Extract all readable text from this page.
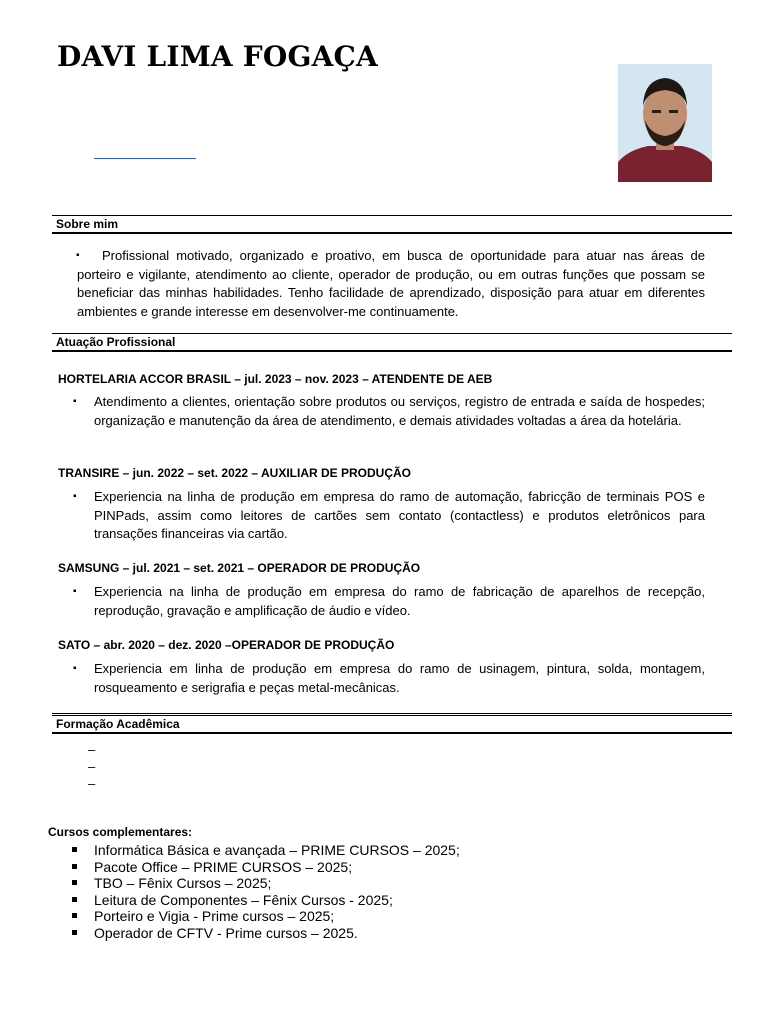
DAVI LIMA FOGAÇA
Sobre mim
▪	Profissional motivado, organizado e proativo, em busca de oportunidade para atuar nas áreas de porteiro e vigilante, atendimento ao cliente, operador de produção, ou em outras funções que possam se beneficiar das minhas habilidades. Tenho facilidade de aprendizado, disposição para atuar em diferentes ambientes e grande interesse em desenvolver-me continuamente.
Atuação Profissional
HORTELARIA ACCOR BRASIL – jul. 2023 – nov. 2023 – ATENDENTE DE AEB
▪ Atendimento a clientes, orientação sobre produtos ou serviços, registro de entrada e saída de hospedes; organização e manutenção da área de atendimento, e demais atividades voltadas a área da hotelária.
TRANSIRE – jun. 2022 – set. 2022 – AUXILIAR DE PRODUÇÃO
▪ Experiencia na linha de produção em empresa do ramo de automação, fabricção de terminais POS e PINPads, assim como leitores de cartões sem contato (contactless) e produtos eletrônicos para transações financeiras via cartão.
SAMSUNG – jul. 2021 – set. 2021 – OPERADOR DE PRODUÇÃO
▪ Experiencia na linha de produção em empresa do ramo de fabricação de aparelhos de recepção, reprodução, gravação e amplificação de áudio e vídeo.
SATO – abr. 2020 – dez. 2020 –OPERADOR DE PRODUÇÃO
▪ Experiencia em linha de produção em empresa do ramo de usinagem, pintura, solda, montagem, rosqueamento e serigrafia e peças metal-mecânicas.
Formação Acadêmica
–
–
–
Cursos complementares:
Informática Básica e avançada – PRIME CURSOS – 2025;
Pacote Office – PRIME CURSOS – 2025;
TBO – Fênix Cursos – 2025;
Leitura de Componentes – Fênix Cursos - 2025;
Porteiro e Vigia - Prime cursos – 2025;
Operador de CFTV - Prime cursos – 2025.
